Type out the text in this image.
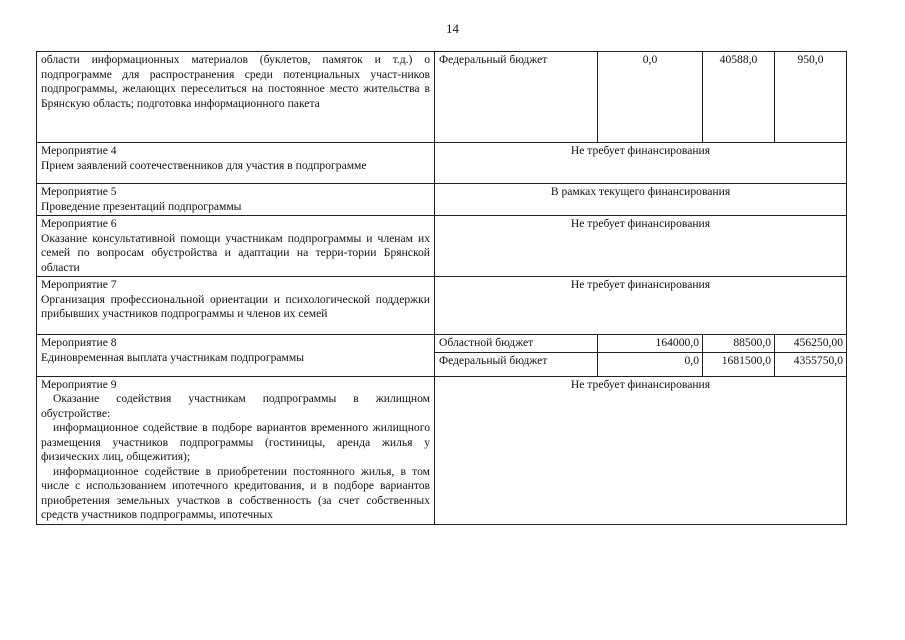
14
области информационных материалов (буклетов, памяток и т.д.) о подпрограмме для распространения среди потенциальных участ-ников подпрограммы, желающих переселиться на постоянное место жительства в Брянскую область; подготовка информационного пакета	Федеральный бюджет	0,0	40588,0	950,0

Мероприятие 4
Прием заявлений соотечественников для участия в подпрограмме	Не требует финансирования			

Мероприятие 5
Проведение презентаций подпрограммы	В рамках текущего финансирования			

Мероприятие 6
Оказание консультативной помощи участникам подпрограммы и членам их семей по вопросам обустройства и адаптации на терри-тории Брянской области	Не требует финансирования			

Мероприятие 7
Организация профессиональной ориентации и психологической поддержки прибывших участников подпрограммы и членов их семей	Не требует финансирования			

Мероприятие 8
Единовременная выплата участникам подпрограммы	Областной бюджет	164000,0	88500,0	456250,00
	Федеральный бюджет	0,0	1681500,0	4355750,0

Мероприятие 9
Оказание содействия участникам подпрограммы в жилищном обустройстве:
информационное содействие в подборе вариантов временного жилищного размещения участников подпрограммы (гостиницы, аренда жилья у физических лиц, общежития);
информационное содействие в приобретении постоянного жилья, в том числе с использованием ипотечного кредитования, и в подборе вариантов приобретения земельных участков в собственность (за счет собственных средств участников подпрограммы, ипотечных	Не требует финансирования			
